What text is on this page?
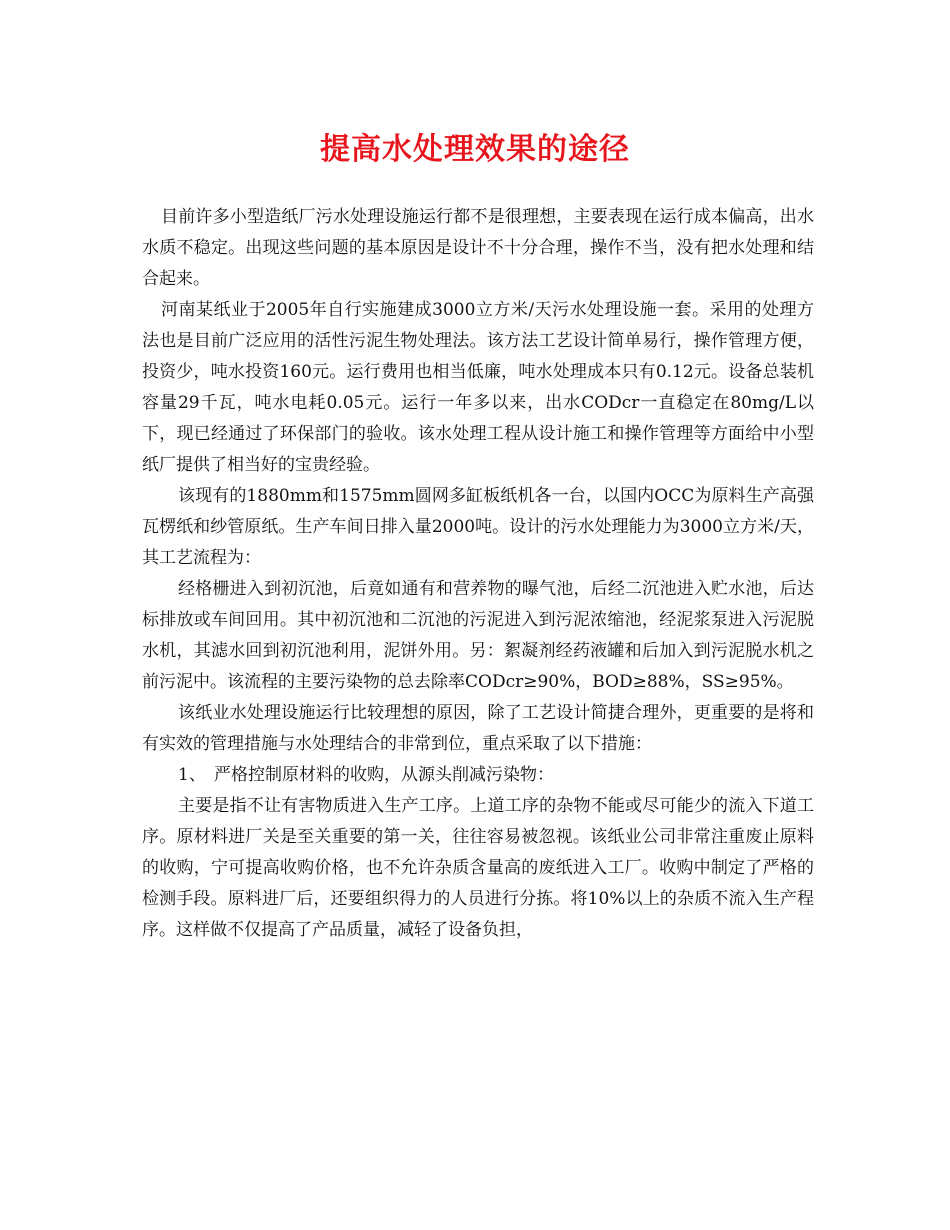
提高水处理效果的途径

目前许多小型造纸厂污水处理设施运行都不是很理想，主要表现在运行成本偏高，出水水质不稳定。出现这些问题的基本原因是设计不十分合理，操作不当，没有把水处理和结合起来。

河南某纸业于2005年自行实施建成3000立方米/天污水处理设施一套。采用的处理方法也是目前广泛应用的活性污泥生物处理法。该方法工艺设计简单易行，操作管理方便，投资少，吨水投资160元。运行费用也相当低廉，吨水处理成本只有0.12元。设备总装机容量29千瓦，吨水电耗0.05元。运行一年多以来，出水CODcr一直稳定在80mg/L以下，现已经通过了环保部门的验收。该水处理工程从设计施工和操作管理等方面给中小型纸厂提供了相当好的宝贵经验。

该现有的1880mm和1575mm圆网多缸板纸机各一台，以国内OCC为原料生产高强瓦楞纸和纱管原纸。生产车间日排入量2000吨。设计的污水处理能力为3000立方米/天，其工艺流程为：

经格栅进入到初沉池，后竟如通有和营养物的曝气池，后经二沉池进入贮水池，后达标排放或车间回用。其中初沉池和二沉池的污泥进入到污泥浓缩池，经泥浆泵进入污泥脱水机，其滤水回到初沉池利用，泥饼外用。另：絮凝剂经药液罐和后加入到污泥脱水机之前污泥中。该流程的主要污染物的总去除率CODcr≥90%，BOD≥88%，SS≥95%。

该纸业水处理设施运行比较理想的原因，除了工艺设计简捷合理外，更重要的是将和有实效的管理措施与水处理结合的非常到位，重点采取了以下措施：

1、 严格控制原材料的收购，从源头削减污染物：

主要是指不让有害物质进入生产工序。上道工序的杂物不能或尽可能少的流入下道工序。原材料进厂关是至关重要的第一关，往往容易被忽视。该纸业公司非常注重废止原料的收购，宁可提高收购价格，也不允许杂质含量高的废纸进入工厂。收购中制定了严格的检测手段。原料进厂后，还要组织得力的人员进行分拣。将10%以上的杂质不流入生产程序。这样做不仅提高了产品质量，减轻了设备负担，
